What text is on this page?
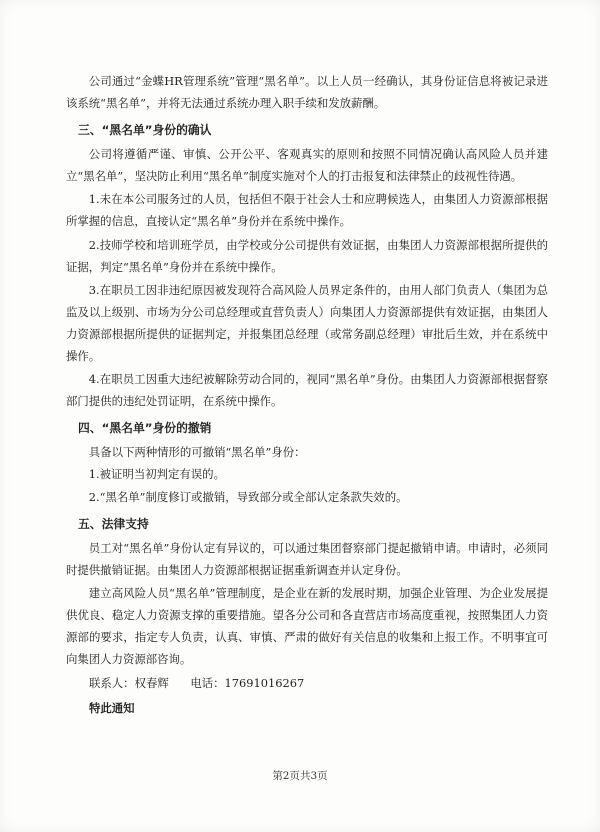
公司通过“金蝶HR管理系统”管理“黑名单”。以上人员一经确认，其身份证信息将被记录进该系统“黑名单”，并将无法通过系统办理入职手续和发放薪酬。

三、“黑名单”身份的确认

公司将遵循严谨、审慎、公开公平、客观真实的原则和按照不同情况确认高风险人员并建立“黑名单”，坚决防止利用“黑名单”制度实施对个人的打击报复和法律禁止的歧视性待遇。

1.未在本公司服务过的人员，包括但不限于社会人士和应聘候选人，由集团人力资源部根据所掌握的信息，直接认定“黑名单”身份并在系统中操作。

2.技师学校和培训班学员，由学校或分公司提供有效证据，由集团人力资源部根据所提供的证据，判定“黑名单”身份并在系统中操作。

3.在职员工因非违纪原因被发现符合高风险人员界定条件的，由用人部门负责人（集团为总监及以上级别、市场为分公司总经理或直营负责人）向集团人力资源部提供有效证据，由集团人力资源部根据所提供的证据判定，并报集团总经理（或常务副总经理）审批后生效，并在系统中操作。

4.在职员工因重大违纪被解除劳动合同的，视同“黑名单”身份。由集团人力资源部根据督察部门提供的违纪处罚证明，在系统中操作。

四、“黑名单”身份的撤销

具备以下两种情形的可撤销“黑名单”身份：

1.被证明当初判定有误的。

2.“黑名单”制度修订或撤销，导致部分或全部认定条款失效的。

五、法律支持

员工对“黑名单”身份认定有异议的，可以通过集团督察部门提起撤销申请。申请时，必须同时提供撤销证据。由集团人力资源部根据证据重新调查并认定身份。

建立高风险人员“黑名单”管理制度，是企业在新的发展时期，加强企业管理、为企业发展提供优良、稳定人力资源支撑的重要措施。望各分公司和各直营店市场高度重视，按照集团人力资源部的要求，指定专人负责，认真、审慎、严肃的做好有关信息的收集和上报工作。不明事宜可向集团人力资源部咨询。

联系人：权春辉 电话：17691016267

特此通知
第2页共3页
